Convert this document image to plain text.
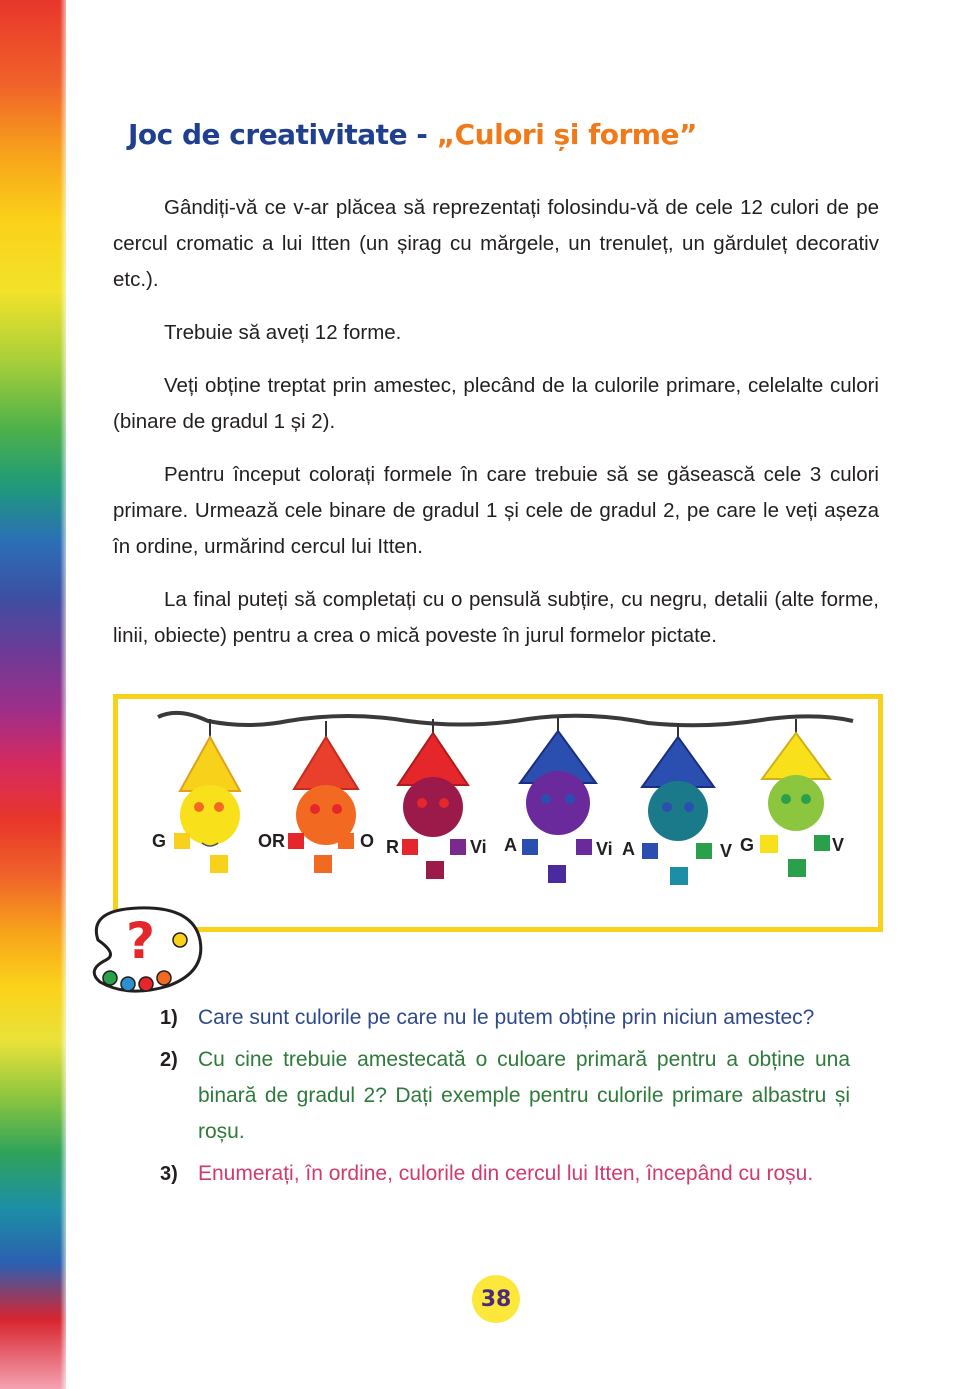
Joc de creativitate - „Culori și forme”

Gândiți-vă ce v-ar plăcea să reprezentați folosindu-vă de cele 12 culori de pe cercul cromatic a lui Itten (un șirag cu mărgele, un trenuleț, un gărduleț decorativ etc.).

Trebuie să aveți 12 forme.

Veți obține treptat prin amestec, plecând de la culorile primare, celelalte culori (binare de gradul 1 și 2).

Pentru început colorați formele în care trebuie să se găsească cele 3 culori primare. Urmează cele binare de gradul 1 și cele de gradul 2, pe care le veți așeza în ordine, urmărind cercul lui Itten.

La final puteți să completați cu o pensulă subțire, cu negru, detalii (alte forme, linii, obiecte) pentru a crea o mică poveste în jurul formelor pictate.

G	OR	O R	Vi A	Vi A	V G	V
?
1) Care sunt culorile pe care nu le putem obține prin niciun amestec?
2) Cu cine trebuie amestecată o culoare primară pentru a obține una binară de gradul 2? Dați exemple pentru culorile primare albastru și roșu.
3) Enumerați, în ordine, culorile din cercul lui Itten, începând cu roșu.
38
